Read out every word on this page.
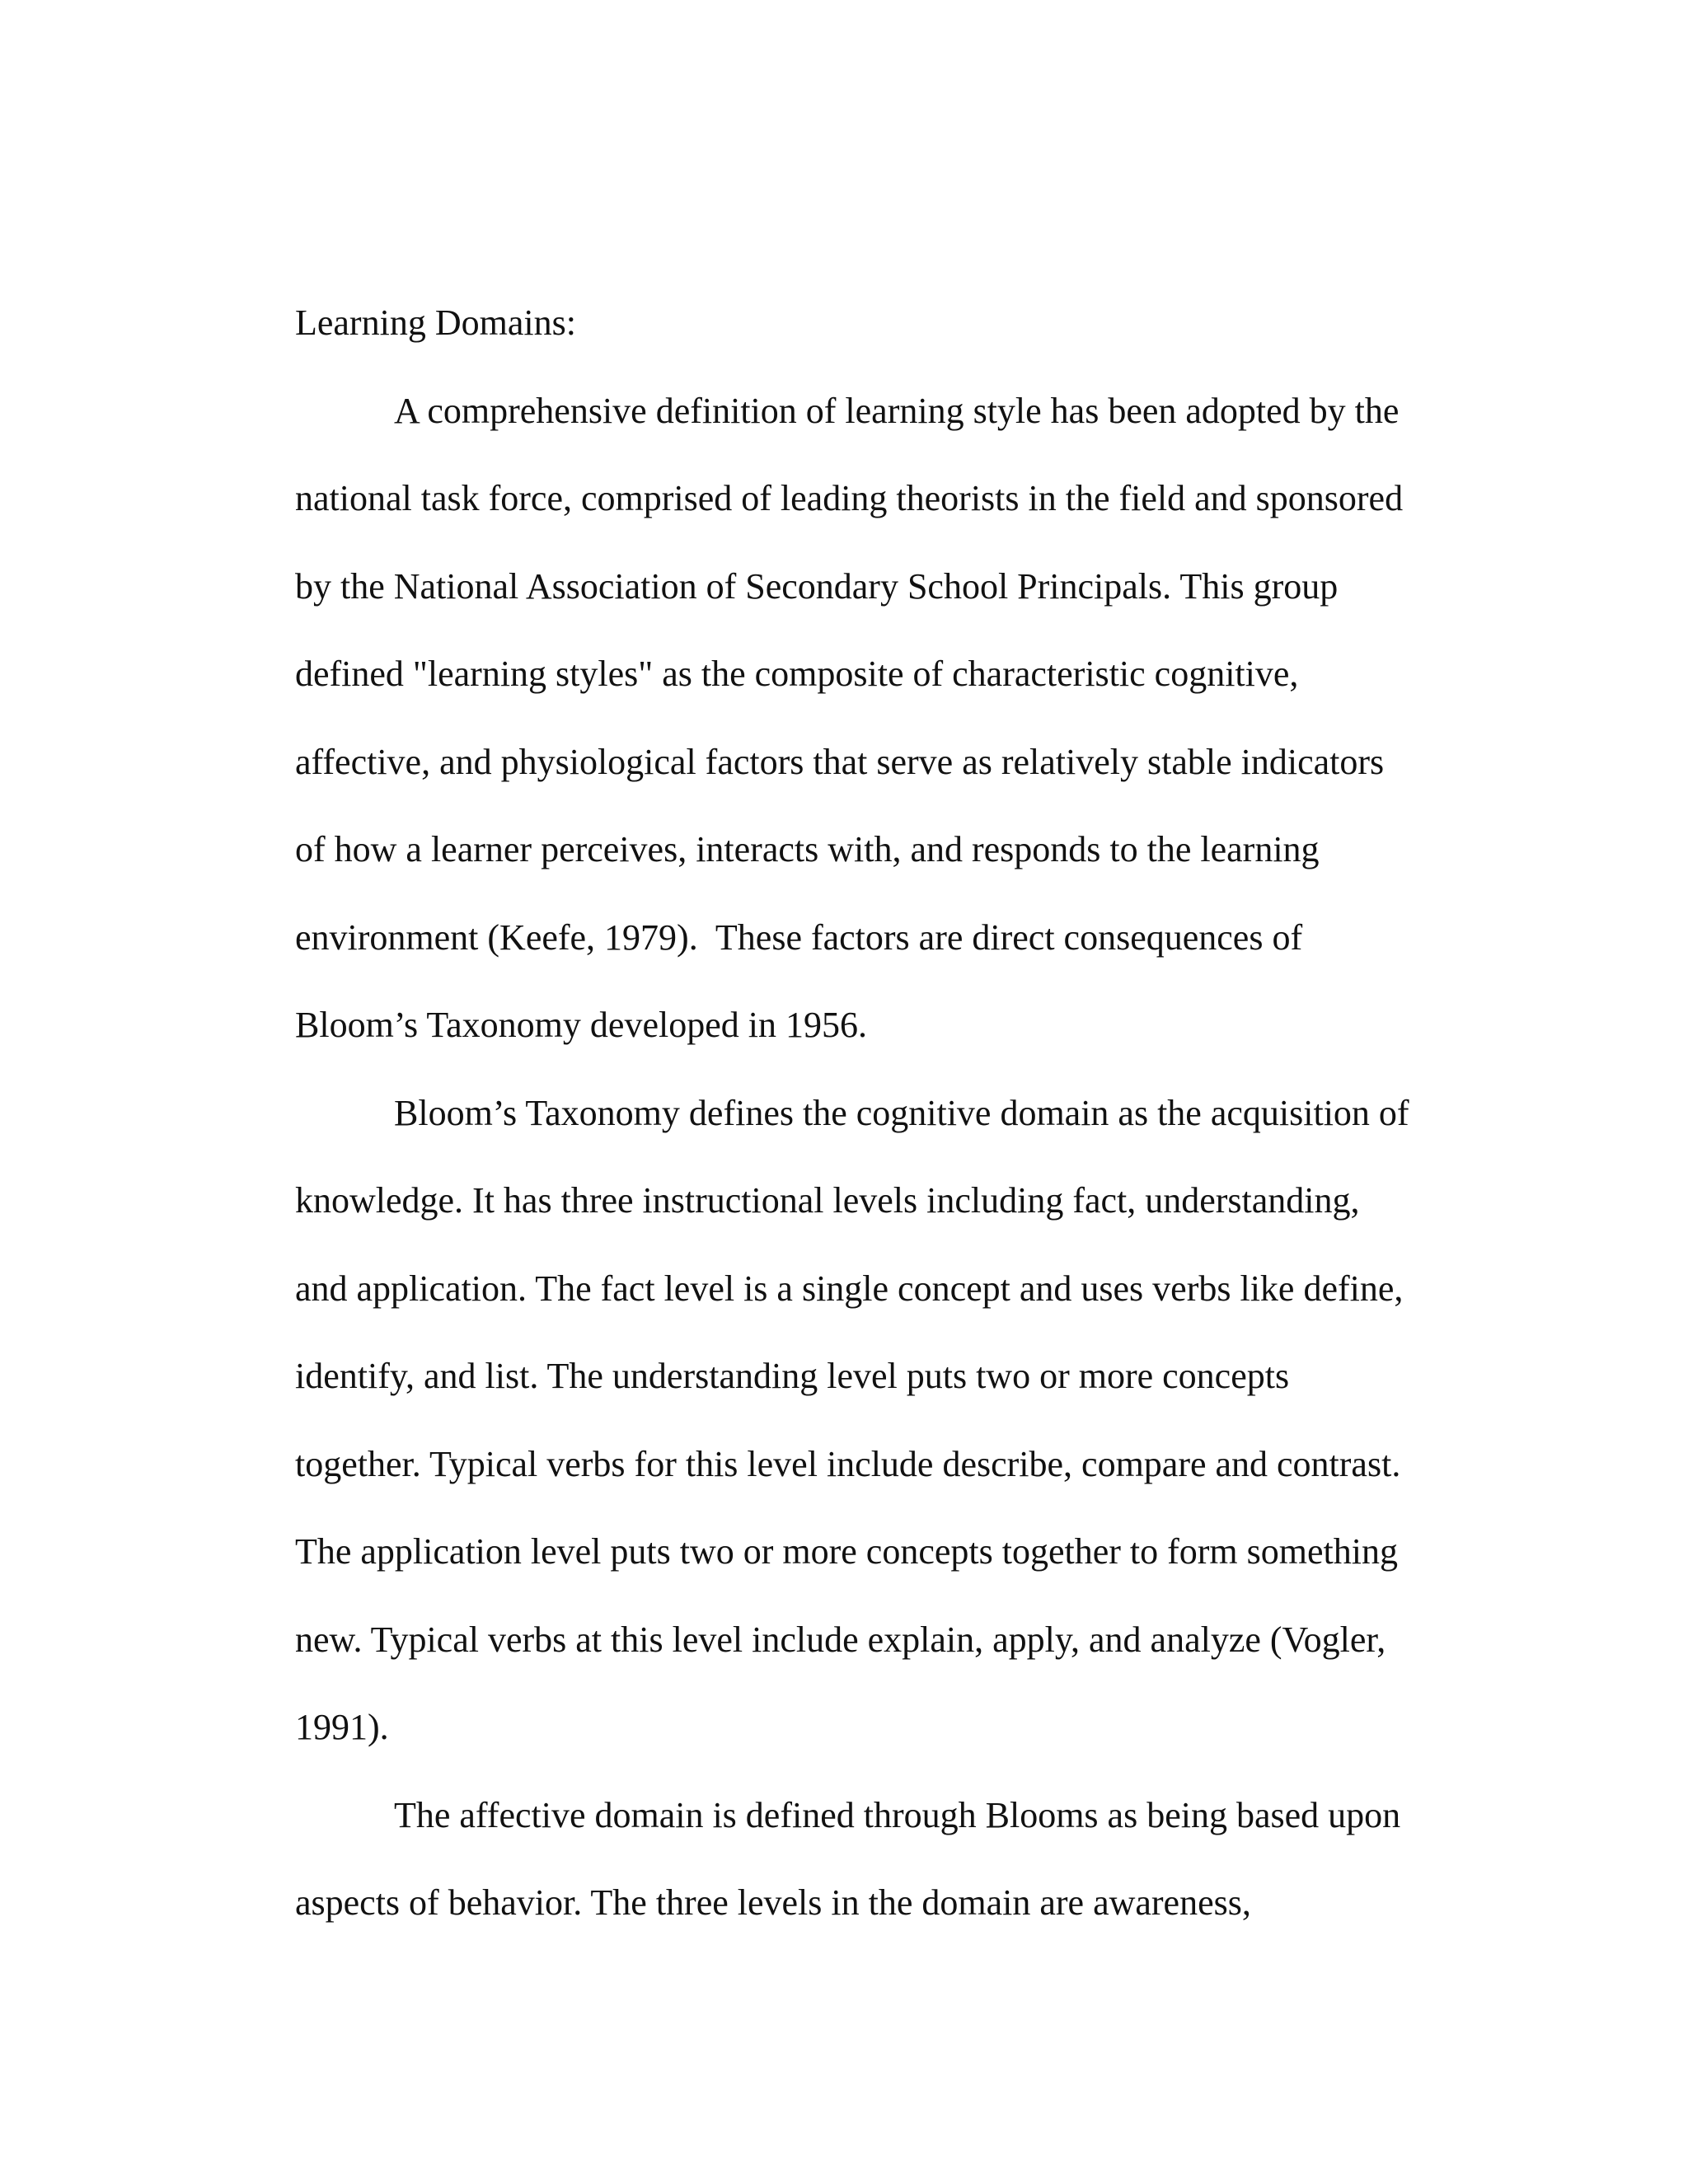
Learning Domains:
A comprehensive definition of learning style has been adopted by the
national task force, comprised of leading theorists in the field and sponsored
by the National Association of Secondary School Principals. This group
defined "learning styles" as the composite of characteristic cognitive,
affective, and physiological factors that serve as relatively stable indicators
of how a learner perceives, interacts with, and responds to the learning
environment (Keefe, 1979).  These factors are direct consequences of
Bloom’s Taxonomy developed in 1956.
Bloom’s Taxonomy defines the cognitive domain as the acquisition of
knowledge. It has three instructional levels including fact, understanding,
and application. The fact level is a single concept and uses verbs like define,
identify, and list. The understanding level puts two or more concepts
together. Typical verbs for this level include describe, compare and contrast.
The application level puts two or more concepts together to form something
new. Typical verbs at this level include explain, apply, and analyze (Vogler,
1991).
The affective domain is defined through Blooms as being based upon
aspects of behavior. The three levels in the domain are awareness,
